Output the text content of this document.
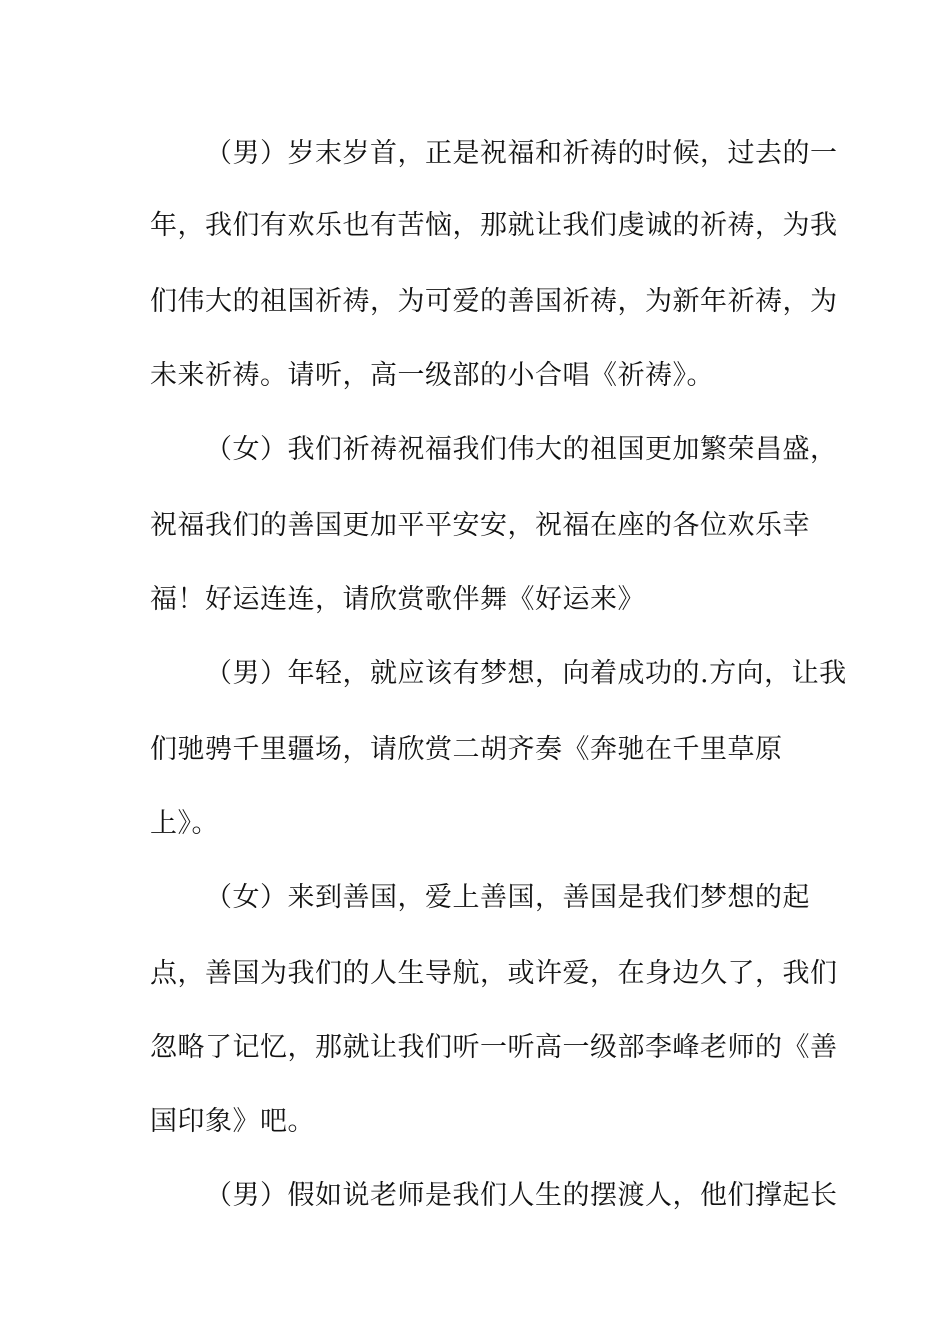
（男）岁末岁首，正是祝福和祈祷的时候，过去的一
年，我们有欢乐也有苦恼，那就让我们虔诚的祈祷，为我
们伟大的祖国祈祷，为可爱的善国祈祷，为新年祈祷，为
未来祈祷。请听，高一级部的小合唱《祈祷》。
（女）我们祈祷祝福我们伟大的祖国更加繁荣昌盛，
祝福我们的善国更加平平安安，祝福在座的各位欢乐幸
福！好运连连，请欣赏歌伴舞《好运来》
（男）年轻，就应该有梦想，向着成功的.方向，让我
们驰骋千里疆场，请欣赏二胡齐奏《奔驰在千里草原
上》。
（女）来到善国，爱上善国，善国是我们梦想的起
点，善国为我们的人生导航，或许爱，在身边久了，我们
忽略了记忆，那就让我们听一听高一级部李峰老师的《善
国印象》吧。
（男）假如说老师是我们人生的摆渡人，他们撑起长
